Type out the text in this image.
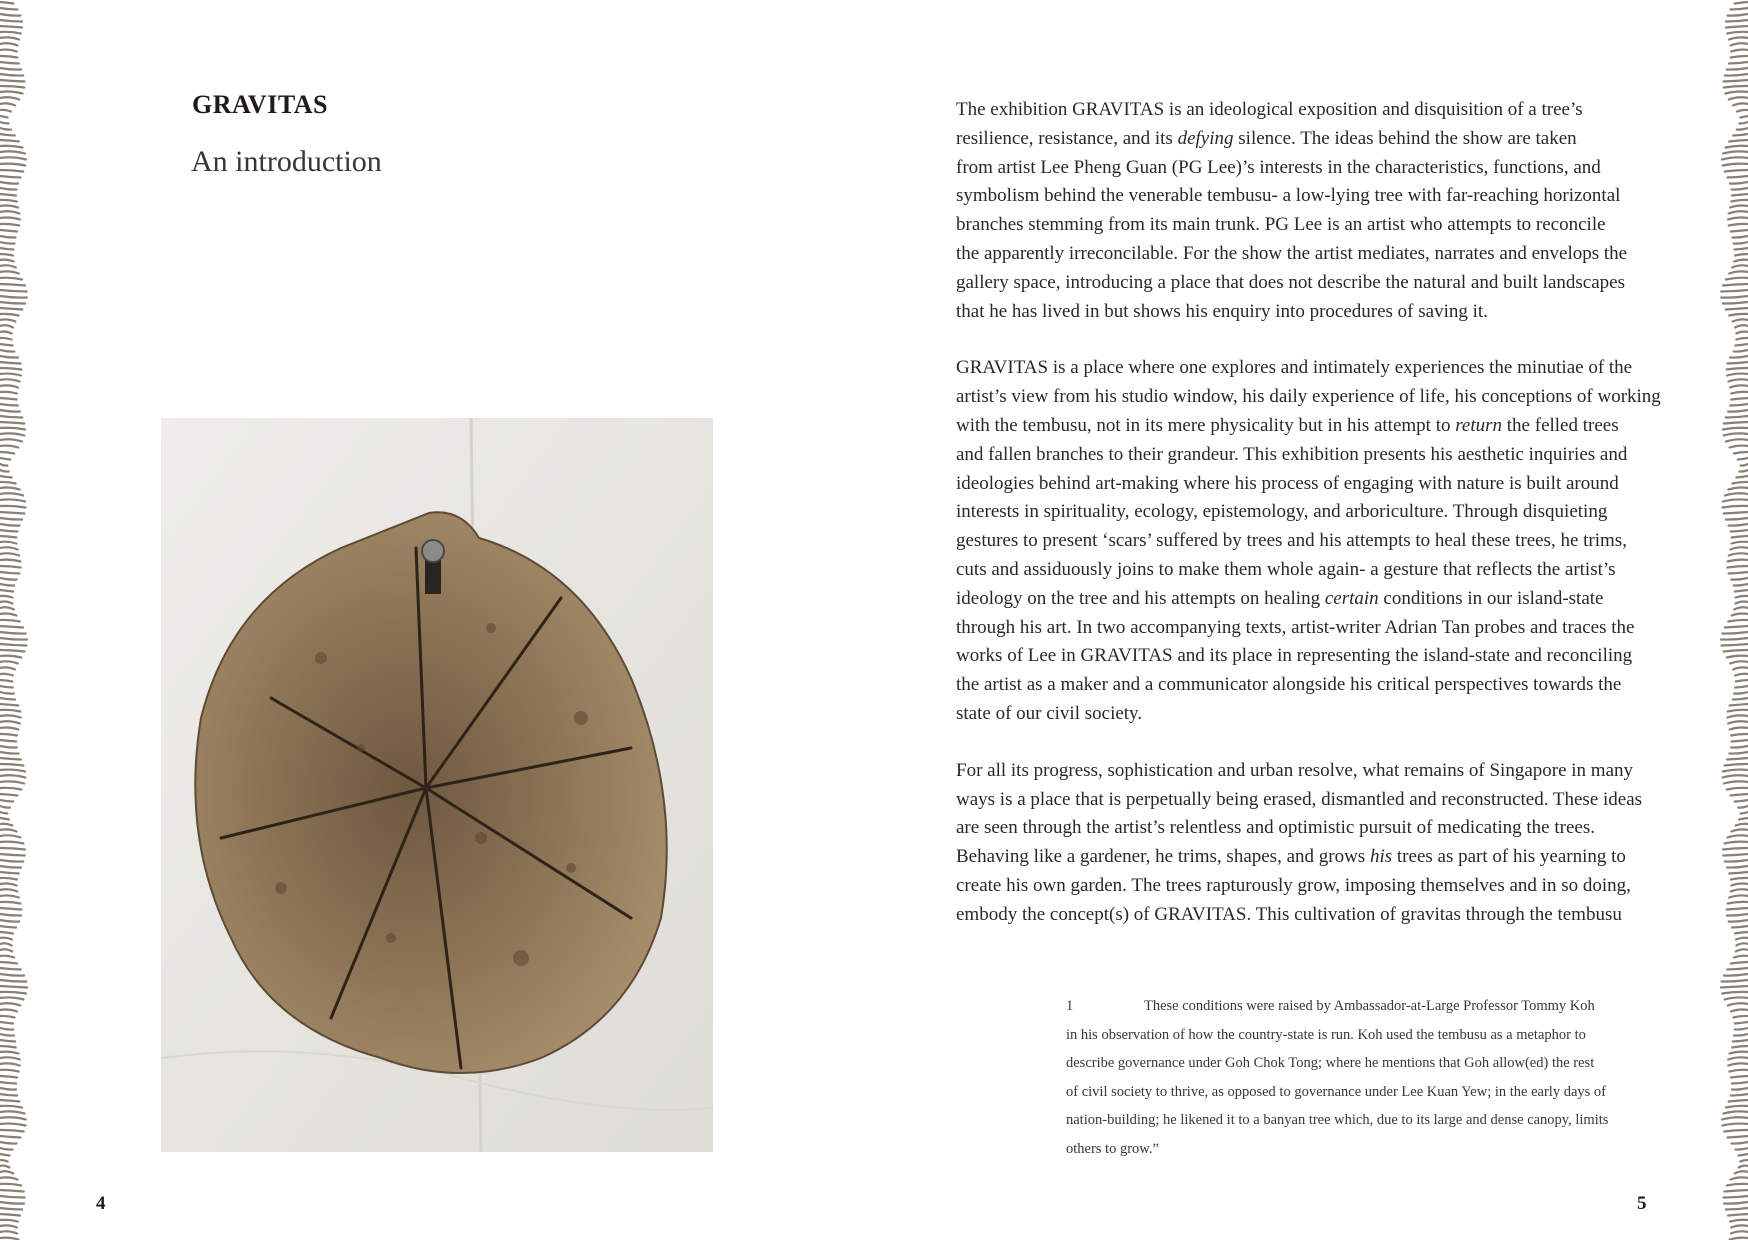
GRAVITAS
An introduction
4

The exhibition GRAVITAS is an ideological exposition and disquisition of a tree’s
resilience, resistance, and its defying silence. The ideas behind the show are taken
from artist Lee Pheng Guan (PG Lee)’s interests in the characteristics, functions, and
symbolism behind the venerable tembusu- a low-lying tree with far-reaching horizontal
branches stemming from its main trunk. PG Lee is an artist who attempts to reconcile
the apparently irreconcilable. For the show the artist mediates, narrates and envelops the
gallery space, introducing a place that does not describe the natural and built landscapes
that he has lived in but shows his enquiry into procedures of saving it.

GRAVITAS is a place where one explores and intimately experiences the minutiae of the
artist’s view from his studio window, his daily experience of life, his conceptions of working
with the tembusu, not in its mere physicality but in his attempt to return the felled trees
and fallen branches to their grandeur. This exhibition presents his aesthetic inquiries and
ideologies behind art-making where his process of engaging with nature is built around
interests in spirituality, ecology, epistemology, and arboriculture. Through disquieting
gestures to present ‘scars’ suffered by trees and his attempts to heal these trees, he trims,
cuts and assiduously joins to make them whole again- a gesture that reflects the artist’s
ideology on the tree and his attempts on healing certain conditions in our island-state
through his art. In two accompanying texts, artist-writer Adrian Tan probes and traces the
works of Lee in GRAVITAS and its place in representing the island-state and reconciling
the artist as a maker and a communicator alongside his critical perspectives towards the
state of our civil society.

For all its progress, sophistication and urban resolve, what remains of Singapore in many
ways is a place that is perpetually being erased, dismantled and reconstructed. These ideas
are seen through the artist’s relentless and optimistic pursuit of medicating the trees.
Behaving like a gardener, he trims, shapes, and grows his trees as part of his yearning to
create his own garden. The trees rapturously grow, imposing themselves and in so doing,
embody the concept(s) of GRAVITAS. This cultivation of gravitas through the tembusu

1	These conditions were raised by Ambassador-at-Large Professor Tommy Koh
in his observation of how the country-state is run. Koh used the tembusu as a metaphor to
describe governance under Goh Chok Tong; where he mentions that Goh allow(ed) the rest
of civil society to thrive, as opposed to governance under Lee Kuan Yew; in the early days of
nation-building; he likened it to a banyan tree which, due to its large and dense canopy, limits
others to grow.”
5
